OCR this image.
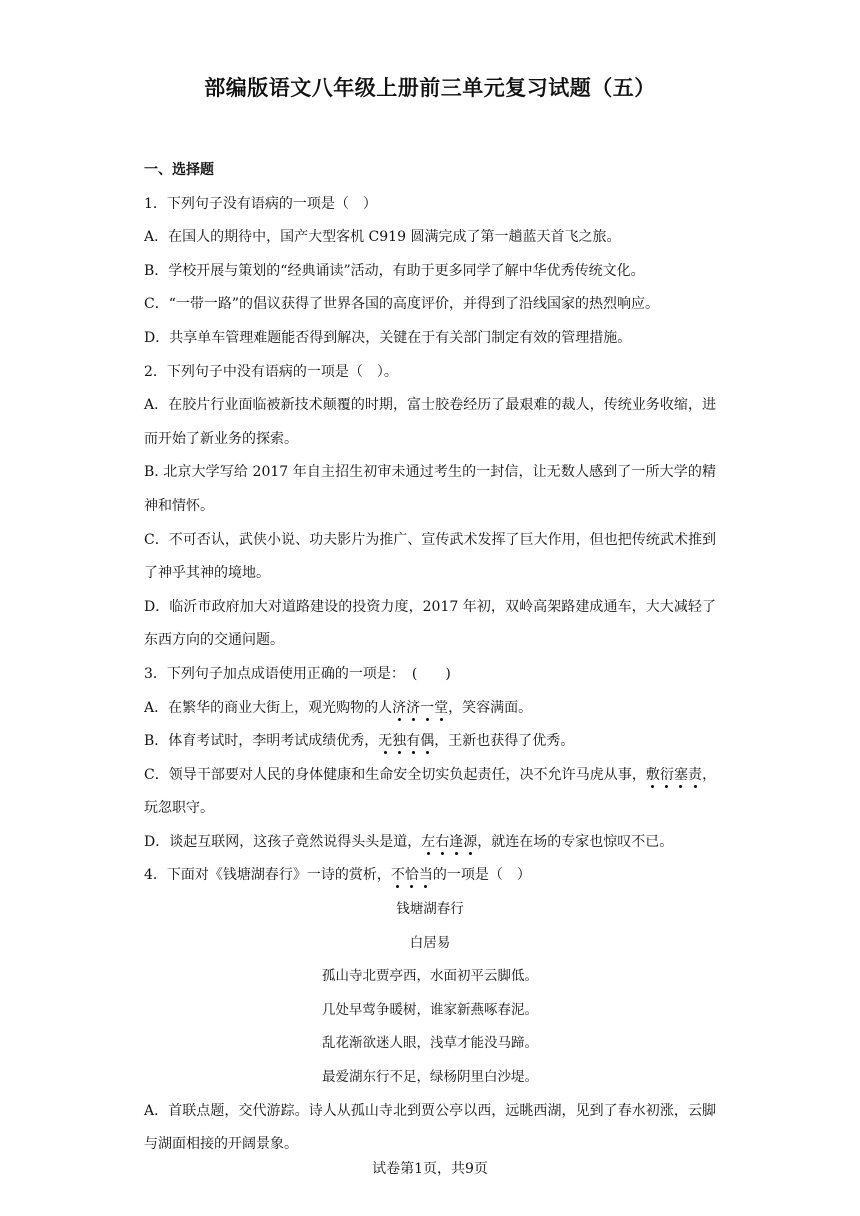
部编版语文八年级上册前三单元复习试题（五）
一、选择题
1．下列句子没有语病的一项是（　）
A．在国人的期待中，国产大型客机 C919 圆满完成了第一趟蓝天首飞之旅。
B．学校开展与策划的“经典诵读”活动，有助于更多同学了解中华优秀传统文化。
C．“一带一路”的倡议获得了世界各国的高度评价，并得到了沿线国家的热烈响应。
D．共享单车管理难题能否得到解决，关键在于有关部门制定有效的管理措施。
2．下列句子中没有语病的一项是（　）。
A．在胶片行业面临被新技术颠覆的时期，富士胶卷经历了最艰难的裁人，传统业务收缩，进而开始了新业务的探索。
B. 北京大学写给 2017 年自主招生初审未通过考生的一封信，让无数人感到了一所大学的精神和情怀。
C．不可否认，武侠小说、功夫影片为推广、宣传武术发挥了巨大作用，但也把传统武术推到了神乎其神的境地。
D．临沂市政府加大对道路建设的投资力度，2017 年初，双岭高架路建成通车，大大减轻了东西方向的交通问题。
3．下列句子加点成语使用正确的一项是：　(　　)
A．在繁华的商业大街上，观光购物的人济济一堂，笑容满面。
B．体育考试时，李明考试成绩优秀，无独有偶，王新也获得了优秀。
C．领导干部要对人民的身体健康和生命安全切实负起责任，决不允许马虎从事，敷衍塞责，玩忽职守。
D．谈起互联网，这孩子竟然说得头头是道，左右逢源，就连在场的专家也惊叹不已。
4．下面对《钱塘湖春行》一诗的赏析，不恰当的一项是（　）
钱塘湖春行
白居易
孤山寺北贾亭西，水面初平云脚低。
几处早莺争暖树，谁家新燕啄春泥。
乱花渐欲迷人眼，浅草才能没马蹄。
最爱湖东行不足，绿杨阴里白沙堤。
A．首联点题，交代游踪。诗人从孤山寺北到贾公亭以西，远眺西湖，见到了春水初涨，云脚与湖面相接的开阔景象。
试卷第1页，共9页
